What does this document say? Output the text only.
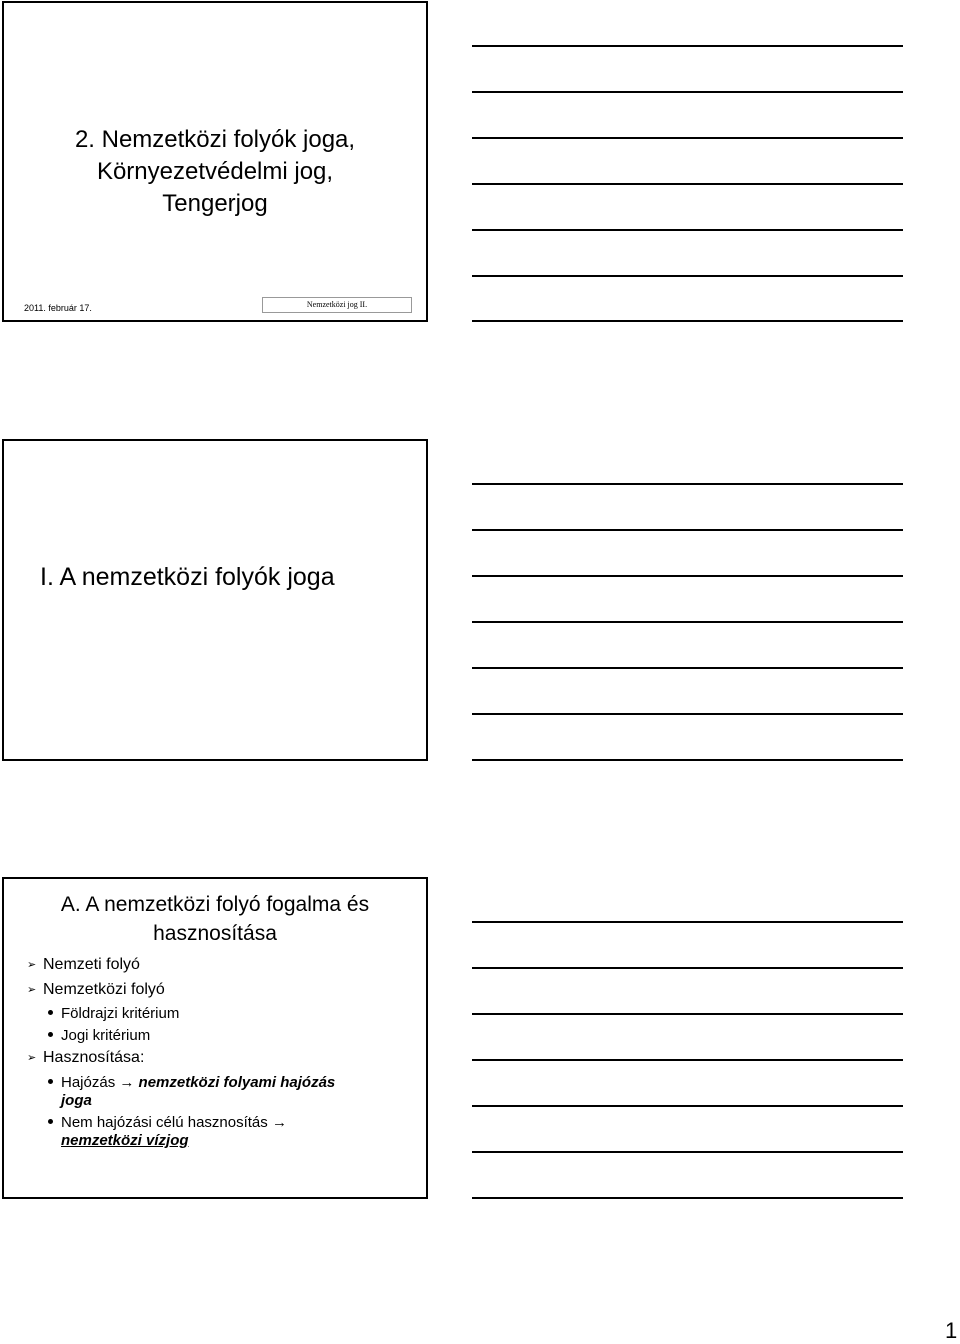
2. Nemzetközi folyók joga,
Környezetvédelmi jog,
Tengerjog
2011. február 17.	Nemzetközi jog II.
I. A nemzetközi folyók joga
A. A nemzetközi folyó fogalma és
hasznosítása
➢ Nemzeti folyó
➢ Nemzetközi folyó
Földrajzi kritérium
Jogi kritérium
➢ Hasznosítása:
Hajózás → nemzetközi folyami hajózás
joga
Nem hajózási célú hasznosítás →
nemzetközi vízjog
1
